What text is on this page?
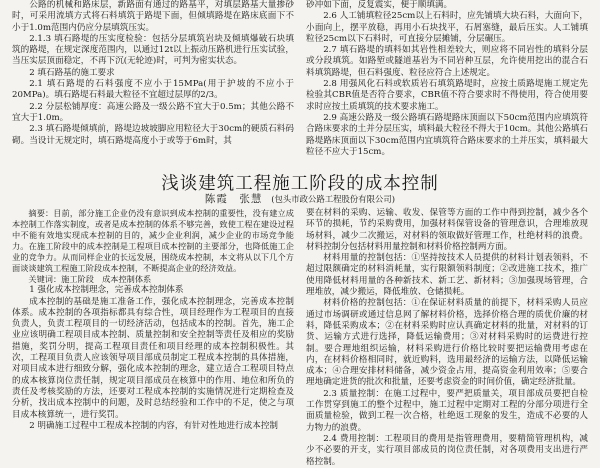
公路的机械和路床层，新路面有通过的路基平，对填层路基大量掺砂时，可采用流填方式将石料填筑于路堤下面，但倾填路堤在路床底面下不小于1.0m范围内仍应分层填筑压实。

2.1.3 填石路堤的压实度检验：包括分层填筑岩块及倾填爆破石块填筑的路堤，在规定深度范围内，以通过12t以上振动压路机进行压实试验，当压实层顶面稳定，不再下沉(无轮迹)时，可判为密实状态。

2 填石路基的施工要求

2.1 填石路堤的石料强度不应小于15MPa(用于护坡的不应小于20MPa)。填石路堤石料最大粒径不宜超过层厚的2/3。

2.2 分层松铺厚度：高速公路及一级公路不宜大于0.5m；其他公路不宜大于1.0m。

2.3 填石路堤倾填前，路堤边坡坡脚应用粒径大于30cm的硬质石料码砌。当设计无规定时，填石路堤高度小于或等于6m时，其

砂冲如下面，反复震实，便于顺填满。

2.6 人工铺填粒径25cm以上石料时，应先铺填大块石料，大面向下，小面向上，摆平放稳，再用小石块找平，石屑塞缝，最后压实。人工铺填粒径25cm以下石料时，可直接分层摊铺，分层碾压。

2.7 填石路堤的填料如其岩性相差较大，则应将不同岩性的填料分层或分段填筑。如路堑或隧道基岩为不同岩种互层，允许使用挖出的混合石料填筑路堤，但石料强度、粒径应符合上述规定。

2.8 用强风化石料或软质岩石填筑路堤时，应按土质路堤施工规定先检验其CBR值是否符合要求，CBR值不符合要求时不得使用，符合使用要求时应按土质填筑的技术要求施工。

2.9 高速公路及一级公路填石路堤路床顶面以下50cm范围内应填筑符合路床要求的土并分层压实，填料最大粒径不得大于10cm。其他公路填石路堤路床顶面以下30cm范围内宜填筑符合路床要求的土并压实，填料最大粒径不应大于15cm。

浅谈建筑工程施工阶段的成本控制
陈霞　张慧 (包头市政公路工程股份有限公司)

摘要：目前，部分施工企业仍没有意识到成本控制的重要性，没有建立成本控制工作落实制度，或者是成本控制的体系不够完善，致使工程在建设过程中不能有效地实现成本控制的目的，减少企业利润，减少企业的市场竞争能力。在施工阶段中的成本控制是工程项目成本控制的主要部分，也降低施工企业的竞争力。从而同样企业的长远发展，围绕成本控制，本文将从以下几个方面谈谈建筑工程施工阶段成本控制，不断提高企业的经济效益。

关键词：施工阶段　成本控制体系

1 强化成本控制理念，完善成本控制体系

成本控制的基础是施工准备工作，强化成本控制理念，完善成本控制体系。成本控制的各项指标都具有综合性，项目经理作为工程项目的直接负责人，负责工程项目的一切经济活动，包括成本的控制。首先，施工企业应该明确工程项目成本控制、质量控制和安全控制等责任及相应的奖励措施，奖罚分明，提高工程项目责任和项目经理的成本控制积极性。其次，工程项目负责人应该领导项目部成员制定工程成本控制的具体措施，对项目成本进行细致分解，强化成本控制的理念，建立适合工程项目特点的成本核算岗位责任制，规定项目部成员在核算中的作用、地位和所负的责任及考核奖励的方法，还要对工程成本控制的实施情况进行定期检查及分析，找出成本控制中的问题，及时总结经验和工作中的不足，使之与项目成本核算统一，进行奖罚。

2 明确施工过程中工程成本控制的内容，有针对性地进行成本控制

要在材料的采购、运输、收发、保管等方面的工作中得到控制，减少各个环节的损耗，节约采购费用，加强材料保管设备的管理意识，合理堆放现场材料，减少二次搬运，对材料的领取做好管理工作，杜绝材料的浪费。材料控制分包括材料用量控制和材料价格控制两方面。

材料用量的控制包括：①坚持按技术人员提供的材料计划表领料，不超过限额确定的材料消耗量，实行限额领料制度；②改进施工技术，推广使用降低材料用量的各种新技术、新工艺、新材料；③加强现场管理，合理堆放，减少搬运，降低堆放、仓储损耗。

材料价格的控制包括：①在保证材料质量的前提下，材料采购人员应通过市场调研或通过信息网了解材料价格，选择价格合理的质优价廉的材料，降低采购成本；②在材料采购时应认真确定材料的批量，对材料的订货、运输方式进行选择，降低运输费用；③对材料采购时的运费进行控制。要合理地组织运输，材料采购进行价格比较时要把运输费用考虑在内，在材料价格相同时，就近购料，选用最经济的运输方法，以降低运输成本；④合理安排材料储备，减少资金占用，提高资金利用效率；⑤要合理地确定进货的批次和批量，还要考虑资金的时间价值，确定经济批量。

2.3 质量控制：在施工过程中，要严把质量关，项目部成员要把自检工作贯穿到施工的整个过程中，施工过程中定期对工程的分部分项进行全面质量检验，做到工程一次合格，杜绝返工现象的发生，造成不必要的人力物力的浪费。

2.4 费用控制：工程项目的费用是指管理费用，要精简管理机构，减少不必要的开支，实行项目部成员的岗位责任制，对各项费用支出进行严格控制。
